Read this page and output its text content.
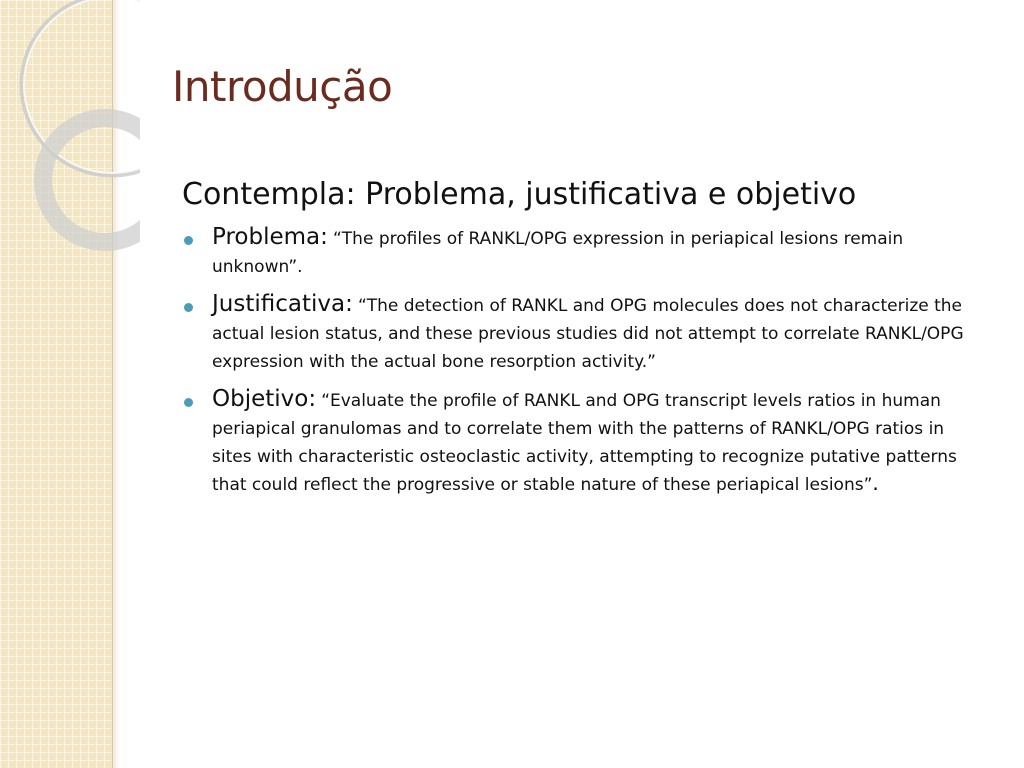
Introdução

Contempla: Problema, justificativa e objetivo

Problema: “The profiles of RANKL/OPG expression in periapical lesions remain unknown”.
Justificativa: “The detection of RANKL and OPG molecules does not characterize the actual lesion status, and these previous studies did not attempt to correlate RANKL/OPG expression with the actual bone resorption activity.”
Objetivo: “Evaluate the profile of RANKL and OPG transcript levels ratios in human periapical granulomas and to correlate them with the patterns of RANKL/OPG ratios in sites with characteristic osteoclastic activity, attempting to recognize putative patterns that could reflect the progressive or stable nature of these periapical lesions”.
